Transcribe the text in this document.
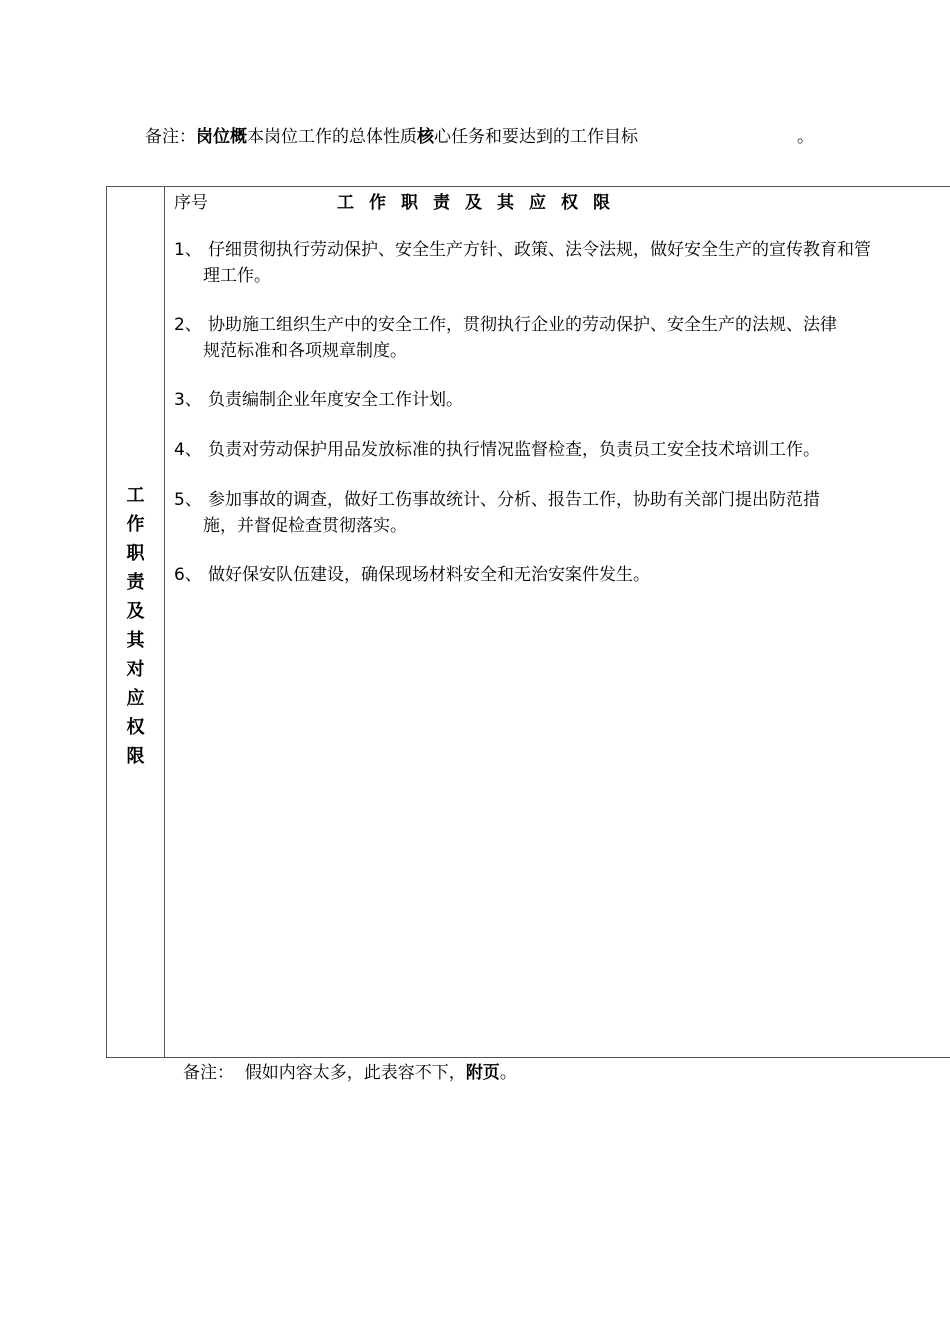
备注：岗位概本岗位工作的总体性质核心任务和要达到的工作目标	。
工
作
职
责
及
其
对
应
权
限
序号	工作职责及其应权限
1、 仔细贯彻执行劳动保护、安全生产方针、政策、法令法规，做好安全生产的宣传教育和管
理工作。
2、 协助施工组织生产中的安全工作，贯彻执行企业的劳动保护、安全生产的法规、法律
规范标准和各项规章制度。
3、 负责编制企业年度安全工作计划。
4、 负责对劳动保护用品发放标准的执行情况监督检查，负责员工安全技术培训工作。
5、 参加事故的调查，做好工伤事故统计、分析、报告工作，协助有关部门提出防范措
施，并督促检查贯彻落实。
6、 做好保安队伍建设，确保现场材料安全和无治安案件发生。
备注： 假如内容太多，此表容不下，附页。
